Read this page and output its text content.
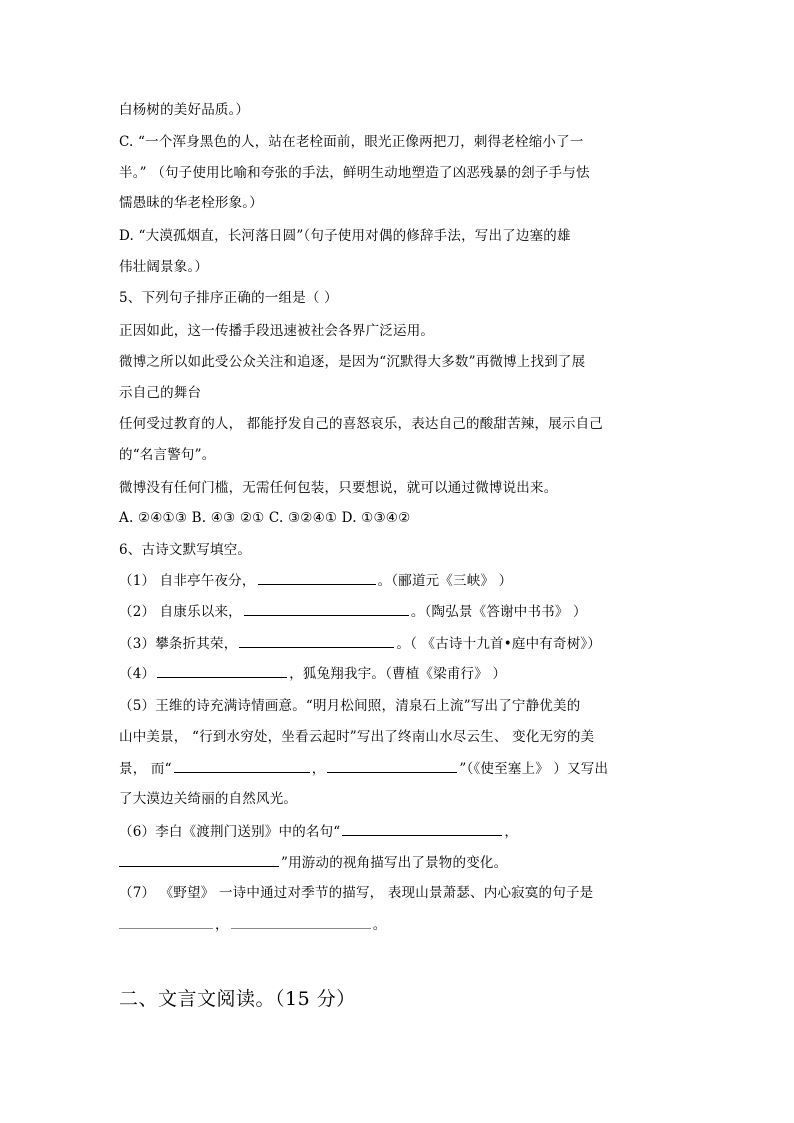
白杨树的美好品质。）
C. “一个浑身黑色的人，站在老栓面前，眼光正像两把刀，刺得老栓缩小了一
半。” （句子使用比喻和夸张的手法，鲜明生动地塑造了凶恶残暴的刽子手与怯
懦愚昧的华老栓形象。）
D. “大漠孤烟直，长河落日圆”（句子使用对偶的修辞手法，写出了边塞的雄
伟壮阔景象。）
5、下列句子排序正确的一组是（ ）
正因如此，这一传播手段迅速被社会各界广泛运用。
微博之所以如此受公众关注和追逐，是因为“沉默得大多数”再微博上找到了展
示自己的舞台
任何受过教育的人， 都能抒发自己的喜怒哀乐，表达自己的酸甜苦辣，展示自己
的“名言警句”。
微博没有任何门槛，无需任何包装，只要想说，就可以通过微博说出来。
A. ②④①③ B. ④③ ②① C. ③②④① D. ①③④②
6、古诗文默写填空。
（1） 自非亭午夜分，	。（郦道元《三峡》 ）
（2） 自康乐以来，	。（陶弘景《答谢中书书》 ）
（3）攀条折其荣，	。（ 《古诗十九首•庭中有奇树》）
（4）	，狐兔翔我宇。（曹植《梁甫行》 ）
（5）王维的诗充满诗情画意。“明月松间照，清泉石上流”写出了宁静优美的
山中美景， “行到水穷处，坐看云起时”写出了终南山水尽云生、 变化无穷的美
景， 而“	，	”（《使至塞上》 ）又写出
了大漠边关绮丽的自然风光。
（6）李白《渡荆门送别》中的名句“	，
”用游动的视角描写出了景物的变化。
（7） 《野望》 一诗中通过对季节的描写， 表现山景萧瑟、内心寂寞的句子是
，	。
二、文言文阅读。（15 分）
